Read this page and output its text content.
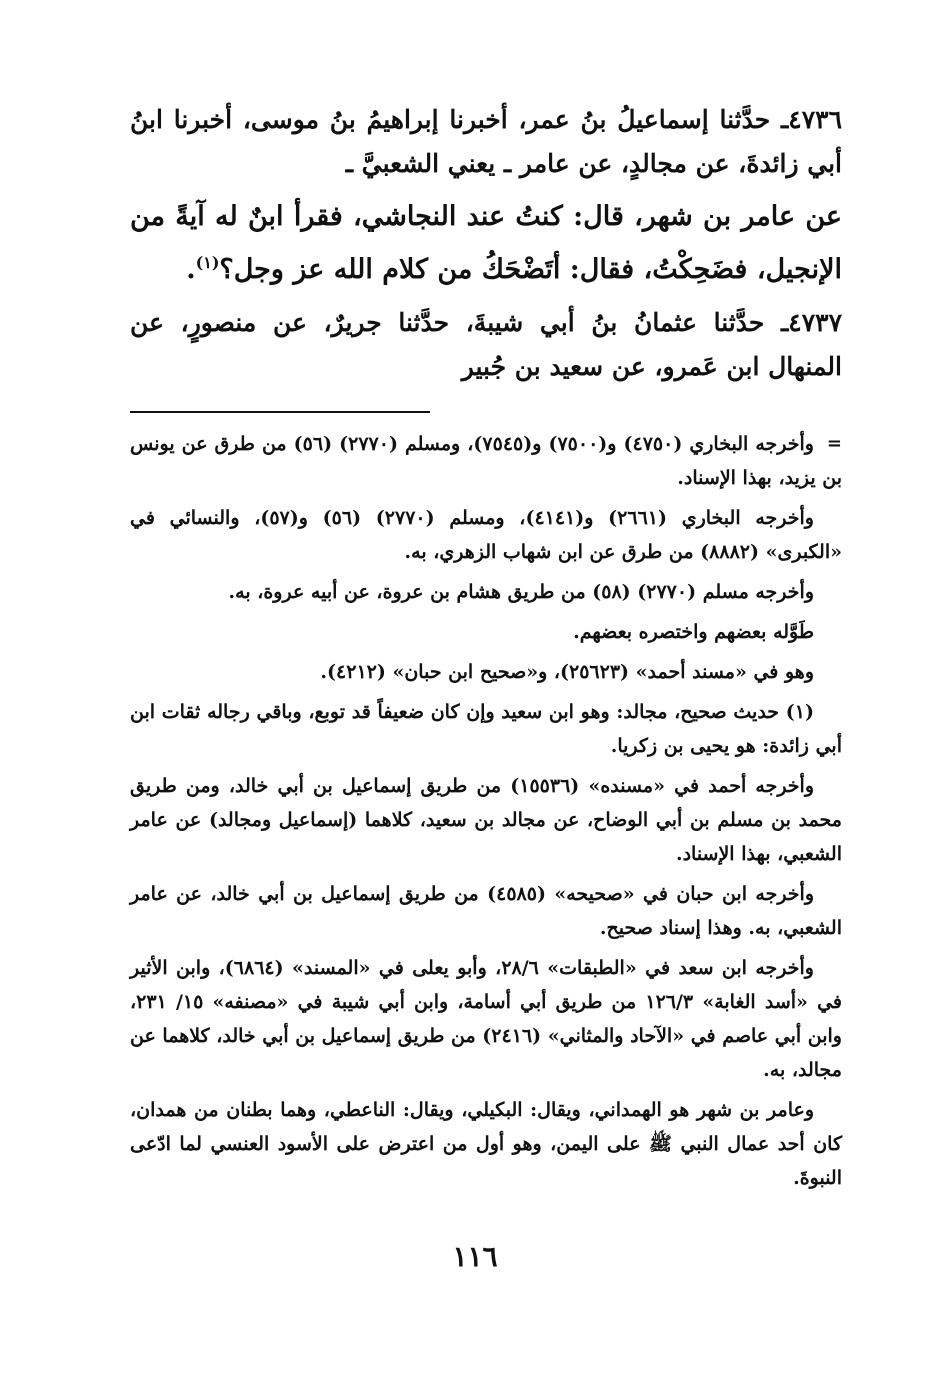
٤٧٣٦ـ حدَّثنا إسماعيلُ بنُ عمر، أخبرنا إبراهيمُ بنُ موسى، أخبرنا ابنُ أبي زائدةَ، عن مجالدٍ، عن عامر ـ يعني الشعبيَّ ـ

عن عامر بن شهر، قال: كنتُ عند النجاشي، فقرأ ابنٌ له آيةً من الإنجيل، فضَحِكْتُ، فقال: أتَضْحَكُ من كلام الله عز وجل؟$^{(١)}$.

٤٧٣٧ـ حدَّثنا عثمانُ بنُ أبي شيبةَ، حدَّثنا جريرٌ، عن منصورٍ، عن المنهال ابن عَمرو، عن سعيد بن جُبير

=
وأخرجه البخاري (٤٧٥٠) و(٧٥٠٠) و(٧٥٤٥)، ومسلم (٢٧٧٠) (٥٦) من طرق عن يونس بن يزيد، بهذا الإسناد.

وأخرجه البخاري (٢٦٦١) و(٤١٤١)، ومسلم (٢٧٧٠) (٥٦) و(٥٧)، والنسائي في «الكبرى» (٨٨٨٢) من طرق عن ابن شهاب الزهري، به.

وأخرجه مسلم (٢٧٧٠) (٥٨) من طريق هشام بن عروة، عن أبيه عروة، به.

طَوَّله بعضهم واختصره بعضهم.

وهو في «مسند أحمد» (٢٥٦٢٣)، و«صحيح ابن حبان» (٤٢١٢).

(١) حديث صحيح، مجالد: وهو ابن سعيد وإن كان ضعيفاً قد توبع، وباقي رجاله ثقات ابن أبي زائدة: هو يحيى بن زكريا.

وأخرجه أحمد في «مسنده» (١٥٥٣٦) من طريق إسماعيل بن أبي خالد، ومن طريق محمد بن مسلم بن أبي الوضاح، عن مجالد بن سعيد، كلاهما (إسماعيل ومجالد) عن عامر الشعبي، بهذا الإسناد.

وأخرجه ابن حبان في «صحيحه» (٤٥٨٥) من طريق إسماعيل بن أبي خالد، عن عامر الشعبي، به. وهذا إسناد صحيح.

وأخرجه ابن سعد في «الطبقات» ٢٨/٦، وأبو يعلى في «المسند» (٦٨٦٤)، وابن الأثير في «أسد الغابة» ١٢٦/٣ من طريق أبي أسامة، وابن أبي شيبة في «مصنفه» ١٥/ ٢٣١، وابن أبي عاصم في «الآحاد والمثاني» (٢٤١٦) من طريق إسماعيل بن أبي خالد، كلاهما عن مجالد، به.

وعامر بن شهر هو الهمداني، ويقال: البكيلي، ويقال: الناعطي، وهما بطنان من همدان، كان أحد عمال النبي ﷺ على اليمن، وهو أول من اعترض على الأسود العنسي لما ادّعى النبوةَ.

١١٦
